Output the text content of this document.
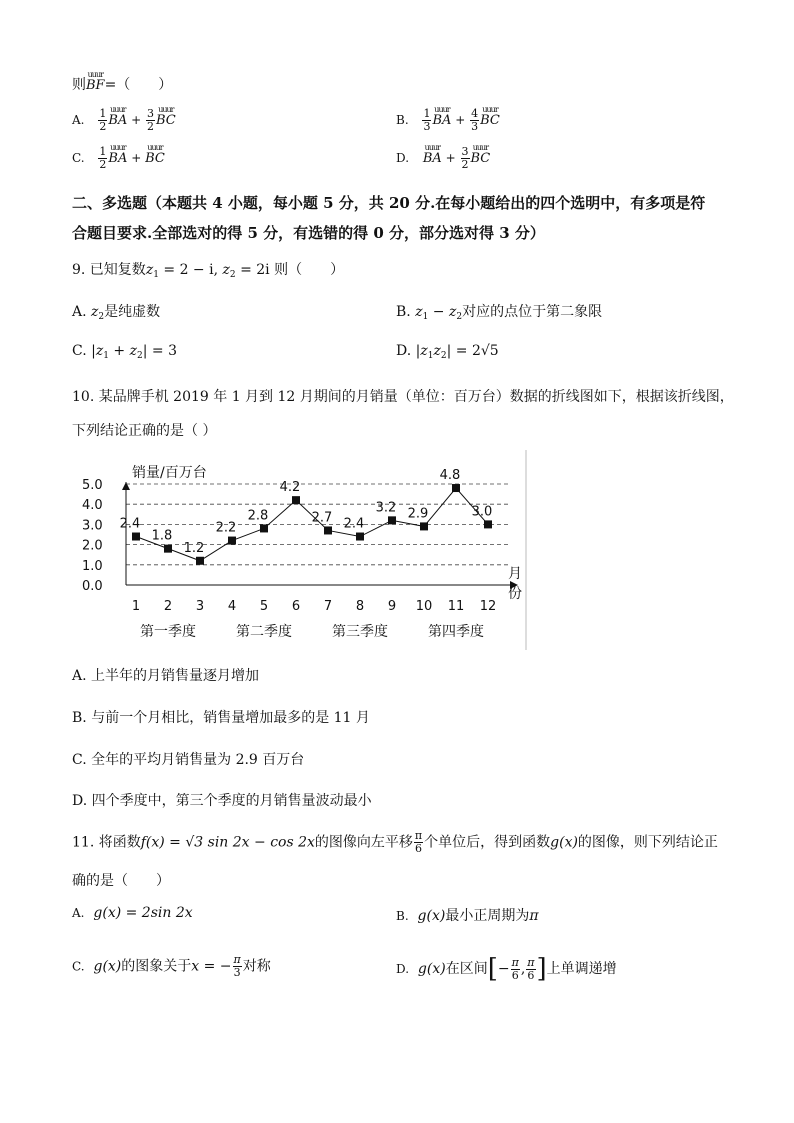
则
uuur
BF=（　　）
A. $\frac{1}{2}$ uuur
BA + $\frac{3}{2}$ uuur
BC	B. $\frac{1}{3}$ uuur
BA + $\frac{4}{3}$ uuur
BC
C. $\frac{1}{2}$ uuur
BA +
uuur
BC	D.
uuur
BA + $\frac{3}{2}$ uuur
BC
二、多选题（本题共 4 小题，每小题 5 分，共 20 分.在每小题给出的四个选明中，有多项是符
合题目要求.全部选对的得 5 分，有选错的得 0 分，部分选对得 3 分）
9. 已知复数$z_1 = 2 - i$, $z_2 = 2i$ 则（　　）
A. $z_2$是纯虚数	B. $z_1 - z_2$对应的点位于第二象限
C. $|z_1 + z_2| = 3$	D. $|z_1z_2| = 2√5$
10. 某品牌手机 2019 年 1 月到 12 月期间的月销量（单位：百万台）数据的折线图如下，根据该折线图，
下列结论正确的是（ ）
销量/百万台
月
份
0.0
1.0
2.0
3.0
4.0
5.0
2.4
1.8
1.2
2.2
2.8
4.2
2.7 2.4
3.2 2.9
4.8
3.0
1 2 3 4 5 6 7 8 9 10 11 12
第一季度	第二季度	第三季度	第四季度
A. 上半年的月销售量逐月增加
B. 与前一个月相比，销售量增加最多的是 11 月
C. 全年的平均月销售量为 2.9 百万台
D. 四个季度中，第三个季度的月销售量波动最小
11. 将函数f(x) = √3 sin 2x − cos 2x的图像向左平移 $\frac{\pi}{6}$ 个单位后，得到函数g(x)的图像，则下列结论正
确的是（　　）
A. g(x) = 2sin 2x	B. g(x)最小正周期为π
C. g(x)的图象关于x = − $\frac{\pi}{3}$ 对称	D. g(x)在区间[− $\frac{\pi}{6}$ , $\frac{\pi}{6}$ ]上单调递增
